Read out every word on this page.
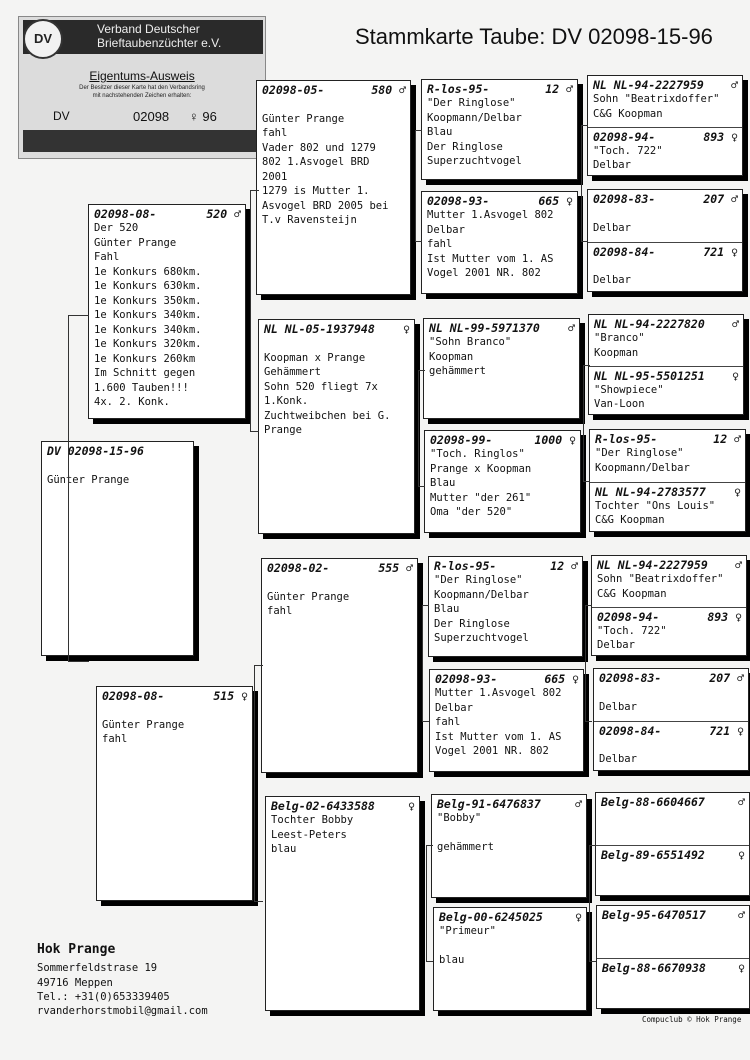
Stammkarte Taube: DV 02098-15-96
DV
Verband Deutscher
Brieftaubenzüchter e.V.
Eigentums-Ausweis
Der Besitzer dieser Karte hat den Verbandsring
mit nachstehenden Zeichen erhalten:
DV	02098 ♀ 96

DV 02098-15-96

Günter Prange
520 ♂
02098-08-
Der 520
Günter Prange
Fahl
1e Konkurs 680km.
1e Konkurs 630km.
1e Konkurs 350km.
1e Konkurs 340km.
1e Konkurs 340km.
1e Konkurs 320km.
1e Konkurs 260km
Im Schnitt gegen
1.600 Tauben!!!
4x. 2. Konk.
515 ♀
02098-08-

Günter Prange
fahl
580 ♂
02098-05-

Günter Prange
fahl
Vader 802 und 1279
802 1.Asvogel BRD
2001
1279 is Mutter 1.
Asvogel BRD 2005 bei
T.v Ravensteijn
♀
NL NL-05-1937948

Koopman x Prange
Gehämmert
Sohn 520 fliegt 7x
1.Konk.
Zuchtweibchen bei G.
Prange
555 ♂
02098-02-

Günter Prange
fahl
♀
Belg-02-6433588
Tochter Bobby
Leest-Peters
blau
12 ♂
R-los-95-
"Der Ringlose"
Koopmann/Delbar
Blau
Der Ringlose
Superzuchtvogel
665 ♀
02098-93-
Mutter 1.Asvogel 802
Delbar
fahl
Ist Mutter vom 1. AS
Vogel 2001 NR. 802
♂
NL NL-99-5971370
"Sohn Branco"
Koopman
gehämmert
1000 ♀
02098-99-
"Toch. Ringlos"
Prange x Koopman
Blau
Mutter "der 261"
Oma "der 520"
12 ♂
R-los-95-
"Der Ringlose"
Koopmann/Delbar
Blau
Der Ringlose
Superzuchtvogel
665 ♀
02098-93-
Mutter 1.Asvogel 802
Delbar
fahl
Ist Mutter vom 1. AS
Vogel 2001 NR. 802
♂
Belg-91-6476837
"Bobby"

gehämmert
♀
Belg-00-6245025
"Primeur"

blau
♂
NL NL-94-2227959
Sohn "Beatrixdoffer"
C&G Koopman
893 ♀
02098-94-
"Toch. 722"
Delbar
207 ♂
02098-83-

Delbar
721 ♀
02098-84-

Delbar
♂
NL NL-94-2227820
"Branco"
Koopman
♀
NL NL-95-5501251
"Showpiece"
Van-Loon
12 ♂
R-los-95-
"Der Ringlose"
Koopmann/Delbar
♀
NL NL-94-2783577
Tochter "Ons Louis"
C&G Koopman
♂
NL NL-94-2227959
Sohn "Beatrixdoffer"
C&G Koopman
893 ♀
02098-94-
"Toch. 722"
Delbar
207 ♂
02098-83-

Delbar
721 ♀
02098-84-

Delbar
♂
Belg-88-6604667

♀
Belg-89-6551492

♂
Belg-95-6470517

♀
Belg-88-6670938

Hok Prange
Sommerfeldstrase 19
49716 Meppen
Tel.: +31(0)653339405
rvanderhorstmobil@gmail.com
Compuclub © Hok Prange
